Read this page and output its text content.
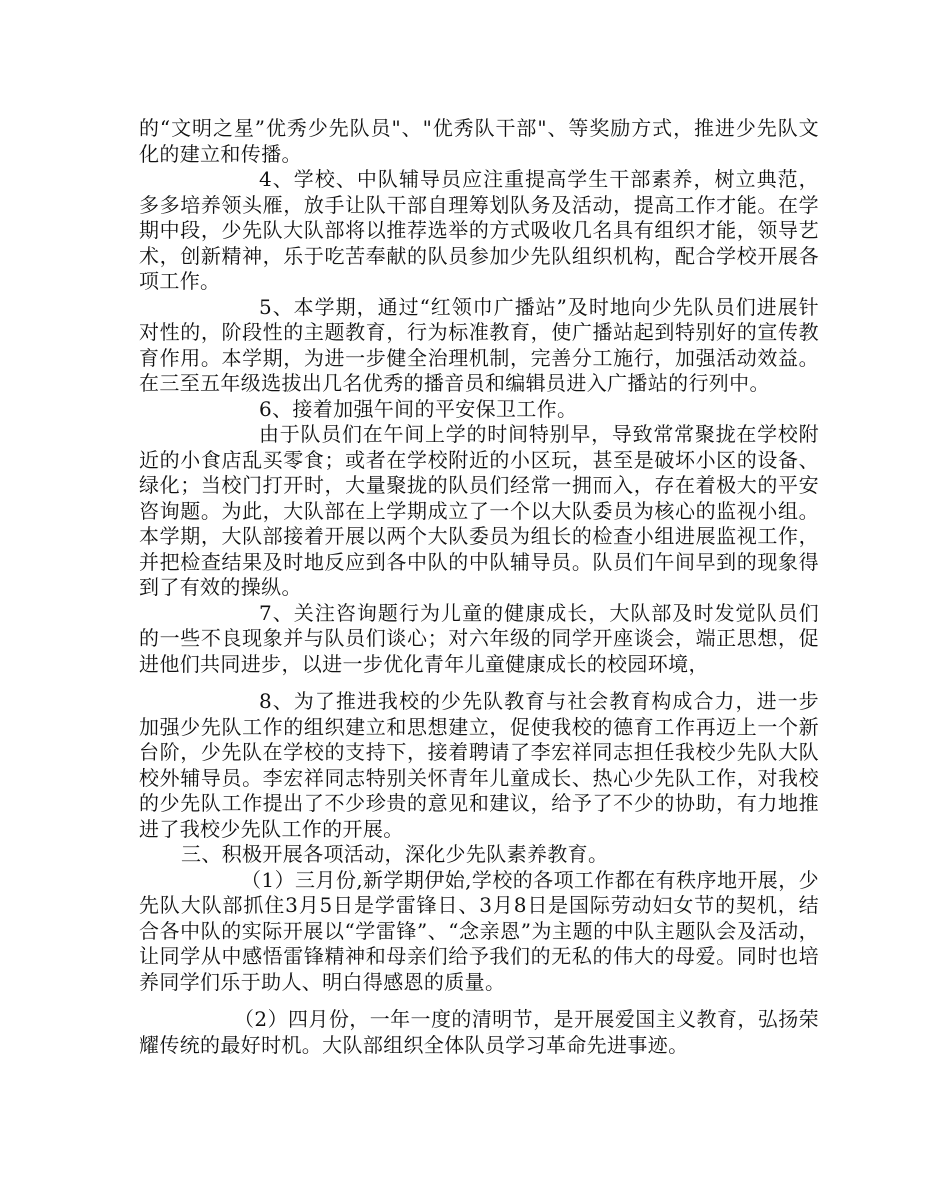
的“文明之星”优秀少先队员"、"优秀队干部"、等奖励方式，推进少先队文化的建立和传播。

4、学校、中队辅导员应注重提高学生干部素养，树立典范，多多培养领头雁，放手让队干部自理筹划队务及活动，提高工作才能。在学期中段，少先队大队部将以推荐选举的方式吸收几名具有组织才能，领导艺术，创新精神，乐于吃苦奉献的队员参加少先队组织机构，配合学校开展各项工作。

5、本学期，通过“红领巾广播站”及时地向少先队员们进展针对性的，阶段性的主题教育，行为标准教育，使广播站起到特别好的宣传教育作用。本学期，为进一步健全治理机制，完善分工施行，加强活动效益。在三至五年级选拔出几名优秀的播音员和编辑员进入广播站的行列中。

6、接着加强午间的平安保卫工作。

由于队员们在午间上学的时间特别早，导致常常聚拢在学校附近的小食店乱买零食；或者在学校附近的小区玩，甚至是破坏小区的设备、绿化；当校门打开时，大量聚拢的队员们经常一拥而入，存在着极大的平安咨询题。为此，大队部在上学期成立了一个以大队委员为核心的监视小组。本学期，大队部接着开展以两个大队委员为组长的检查小组进展监视工作，并把检查结果及时地反应到各中队的中队辅导员。队员们午间早到的现象得到了有效的操纵。

7、关注咨询题行为儿童的健康成长，大队部及时发觉队员们的一些不良现象并与队员们谈心；对六年级的同学开座谈会，端正思想，促进他们共同进步，以进一步优化青年儿童健康成长的校园环境，

8、为了推进我校的少先队教育与社会教育构成合力，进一步加强少先队工作的组织建立和思想建立，促使我校的德育工作再迈上一个新台阶，少先队在学校的支持下，接着聘请了李宏祥同志担任我校少先队大队校外辅导员。李宏祥同志特别关怀青年儿童成长、热心少先队工作，对我校的少先队工作提出了不少珍贵的意见和建议，给予了不少的协助，有力地推进了我校少先队工作的开展。

三、积极开展各项活动，深化少先队素养教育。

（1）三月份,新学期伊始,学校的各项工作都在有秩序地开展，少先队大队部抓住3月5日是学雷锋日、3月8日是国际劳动妇女节的契机，结合各中队的实际开展以“学雷锋”、“念亲恩”为主题的中队主题队会及活动，让同学从中感悟雷锋精神和母亲们给予我们的无私的伟大的母爱。同时也培养同学们乐于助人、明白得感恩的质量。

（2）四月份，一年一度的清明节，是开展爱国主义教育，弘扬荣耀传统的最好时机。大队部组织全体队员学习革命先进事迹。
